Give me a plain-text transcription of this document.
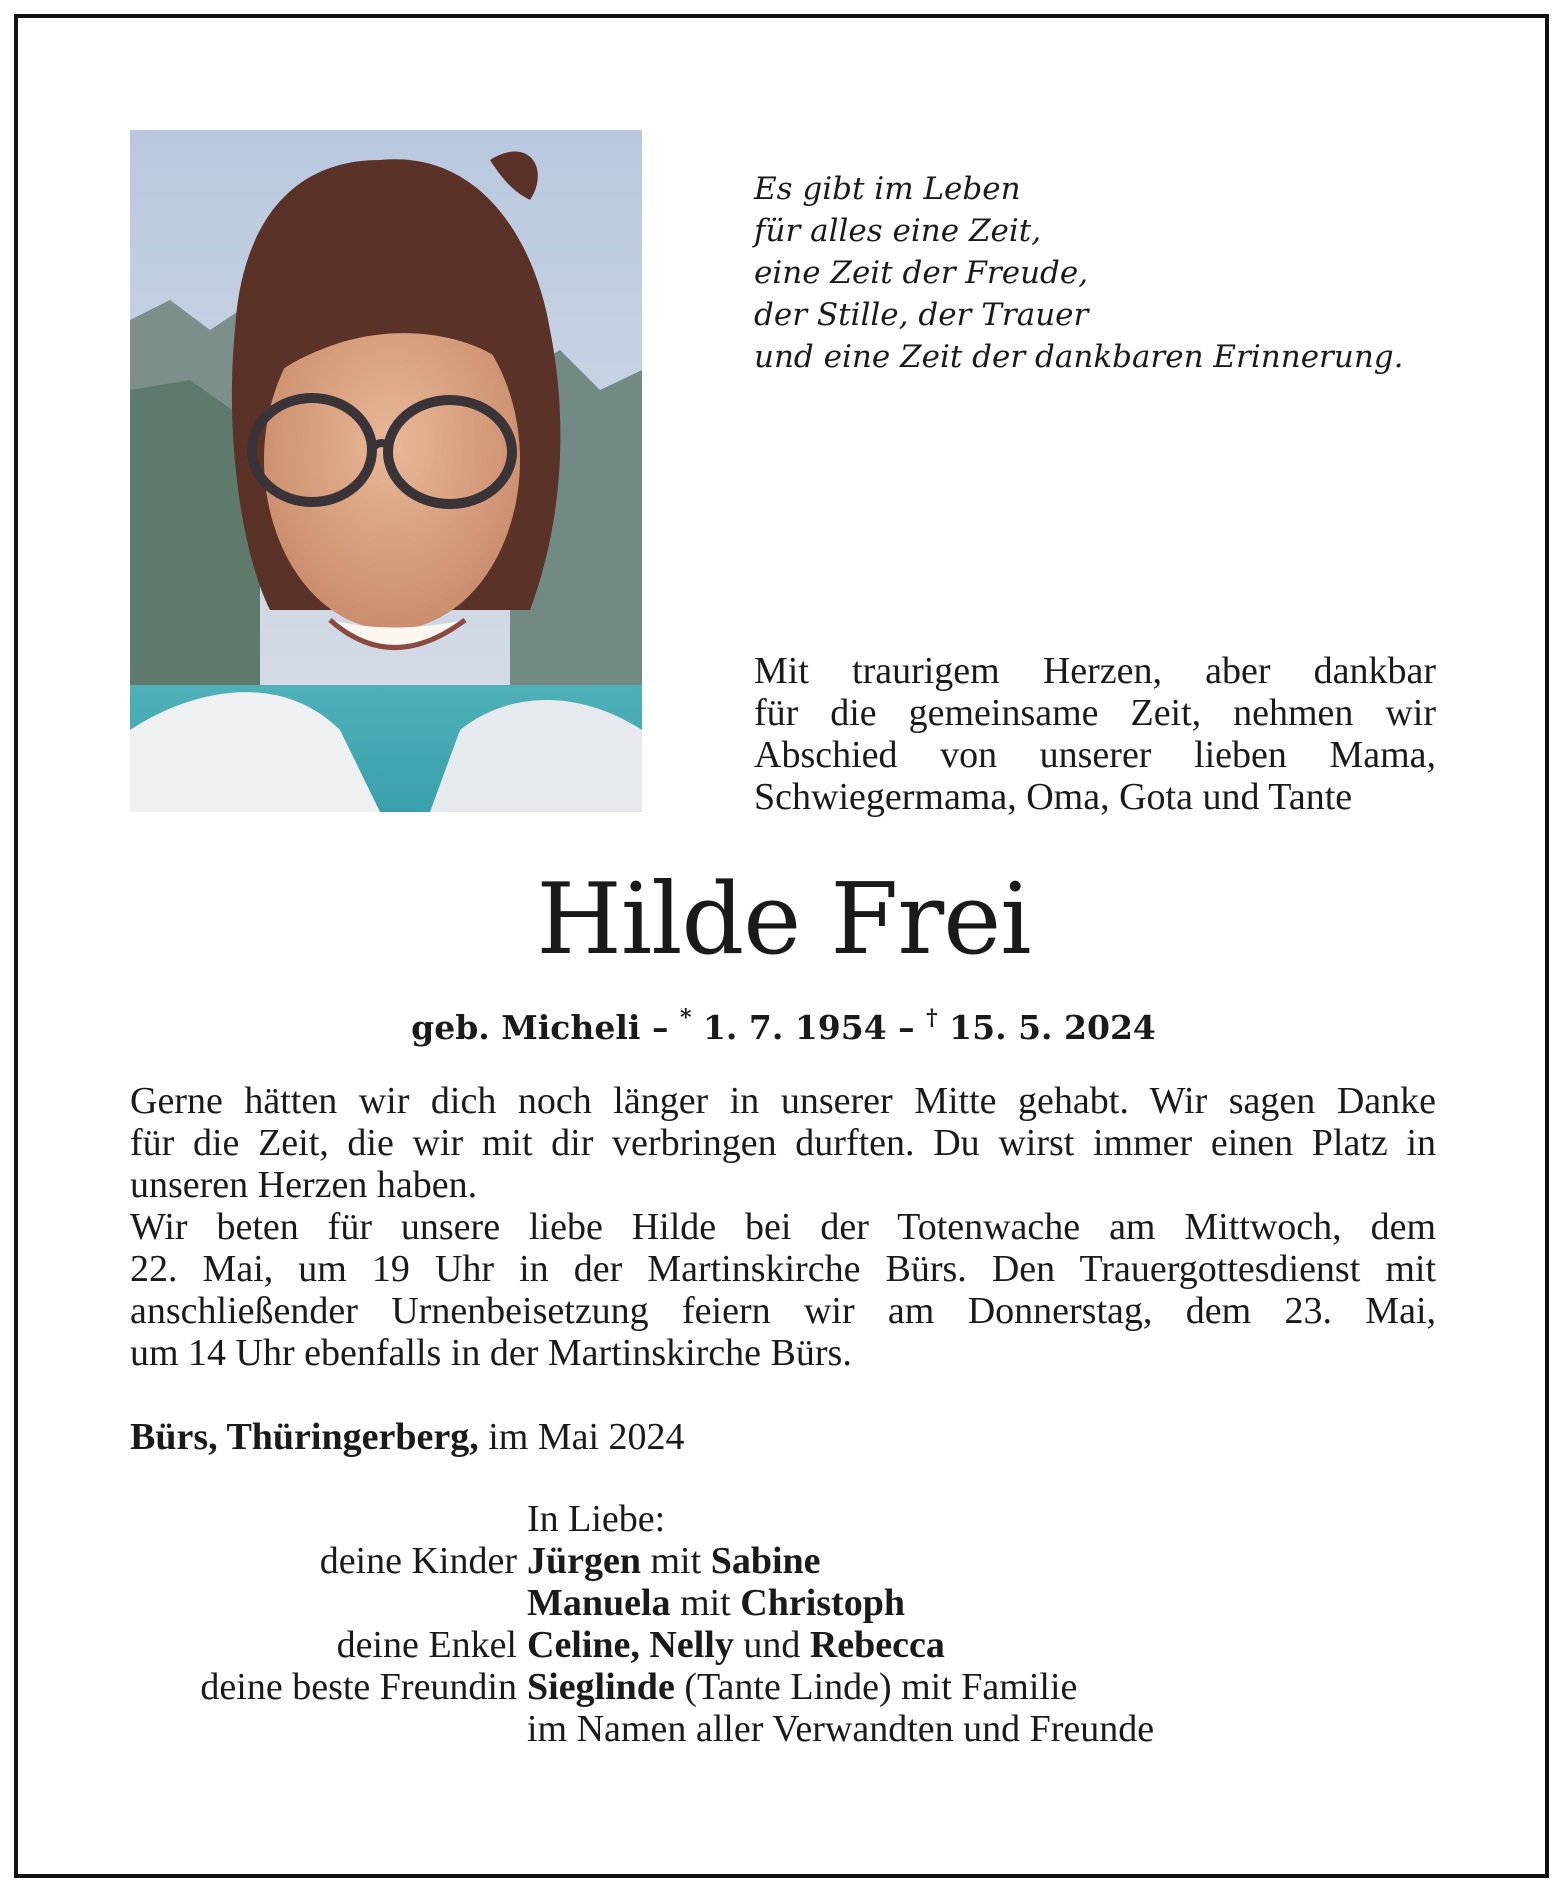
Es gibt im Leben
für alles eine Zeit,
eine Zeit der Freude,
der Stille, der Trauer
und eine Zeit der dankbaren Erinnerung.
Mit traurigem Herzen, aber dankbar
für die gemeinsame Zeit, nehmen wir
Abschied von unserer lieben Mama,
Schwiegermama, Oma, Gota und Tante
Hilde Frei
geb. Micheli – * 1. 7. 1954 – † 15. 5. 2024
Gerne hätten wir dich noch länger in unserer Mitte gehabt. Wir sagen Danke
für die Zeit, die wir mit dir verbringen durften. Du wirst immer einen Platz in
unseren Herzen haben.
Wir beten für unsere liebe Hilde bei der Totenwache am Mittwoch, dem
22. Mai, um 19 Uhr in der Martinskirche Bürs. Den Trauergottesdienst mit
anschließender Urnenbeisetzung feiern wir am Donnerstag, dem 23. Mai,
um 14 Uhr ebenfalls in der Martinskirche Bürs.
Bürs, Thüringerberg, im Mai 2024
In Liebe:
deine Kinder Jürgen mit Sabine
Manuela mit Christoph
deine Enkel Celine, Nelly und Rebecca
deine beste Freundin Sieglinde (Tante Linde) mit Familie
im Namen aller Verwandten und Freunde
